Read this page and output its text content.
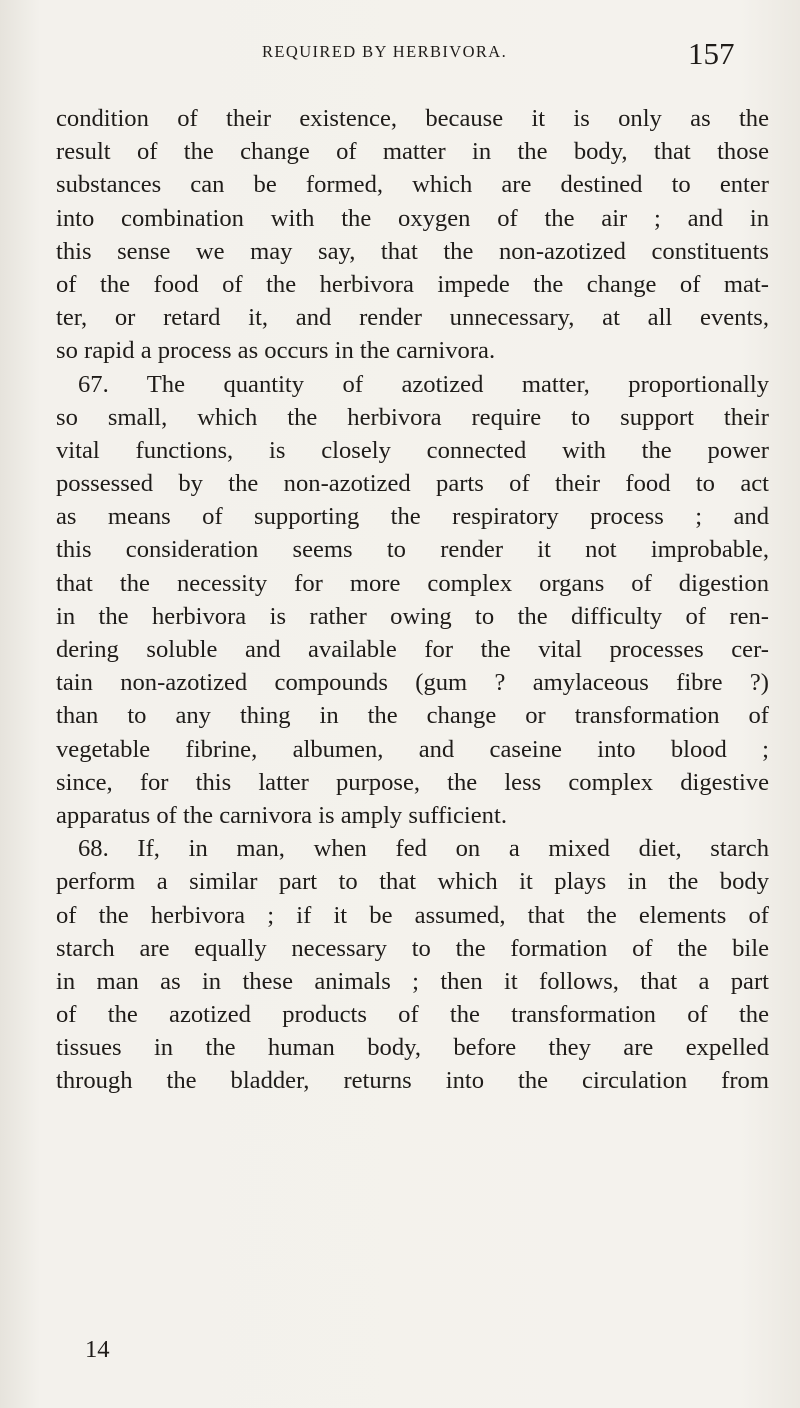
REQUIRED BY HERBIVORA.	157
condition of their existence, because it is only as the
result of the change of matter in the body, that those
substances can be formed, which are destined to enter
into combination with the oxygen of the air ; and in
this sense we may say, that the non-azotized constituents
of the food of the herbivora impede the change of mat-
ter, or retard it, and render unnecessary, at all events,
so rapid a process as occurs in the carnivora.
67. The quantity of azotized matter, proportionally
so small, which the herbivora require to support their
vital functions, is closely connected with the power
possessed by the non-azotized parts of their food to act
as means of supporting the respiratory process ; and
this consideration seems to render it not improbable,
that the necessity for more complex organs of digestion
in the herbivora is rather owing to the difficulty of ren-
dering soluble and available for the vital processes cer-
tain non-azotized compounds (gum ? amylaceous fibre ?)
than to any thing in the change or transformation of
vegetable fibrine, albumen, and caseine into blood ;
since, for this latter purpose, the less complex digestive
apparatus of the carnivora is amply sufficient.
68. If, in man, when fed on a mixed diet, starch
perform a similar part to that which it plays in the body
of the herbivora ; if it be assumed, that the elements of
starch are equally necessary to the formation of the bile
in man as in these animals ; then it follows, that a part
of the azotized products of the transformation of the
tissues in the human body, before they are expelled
through the bladder, returns into the circulation from
14
